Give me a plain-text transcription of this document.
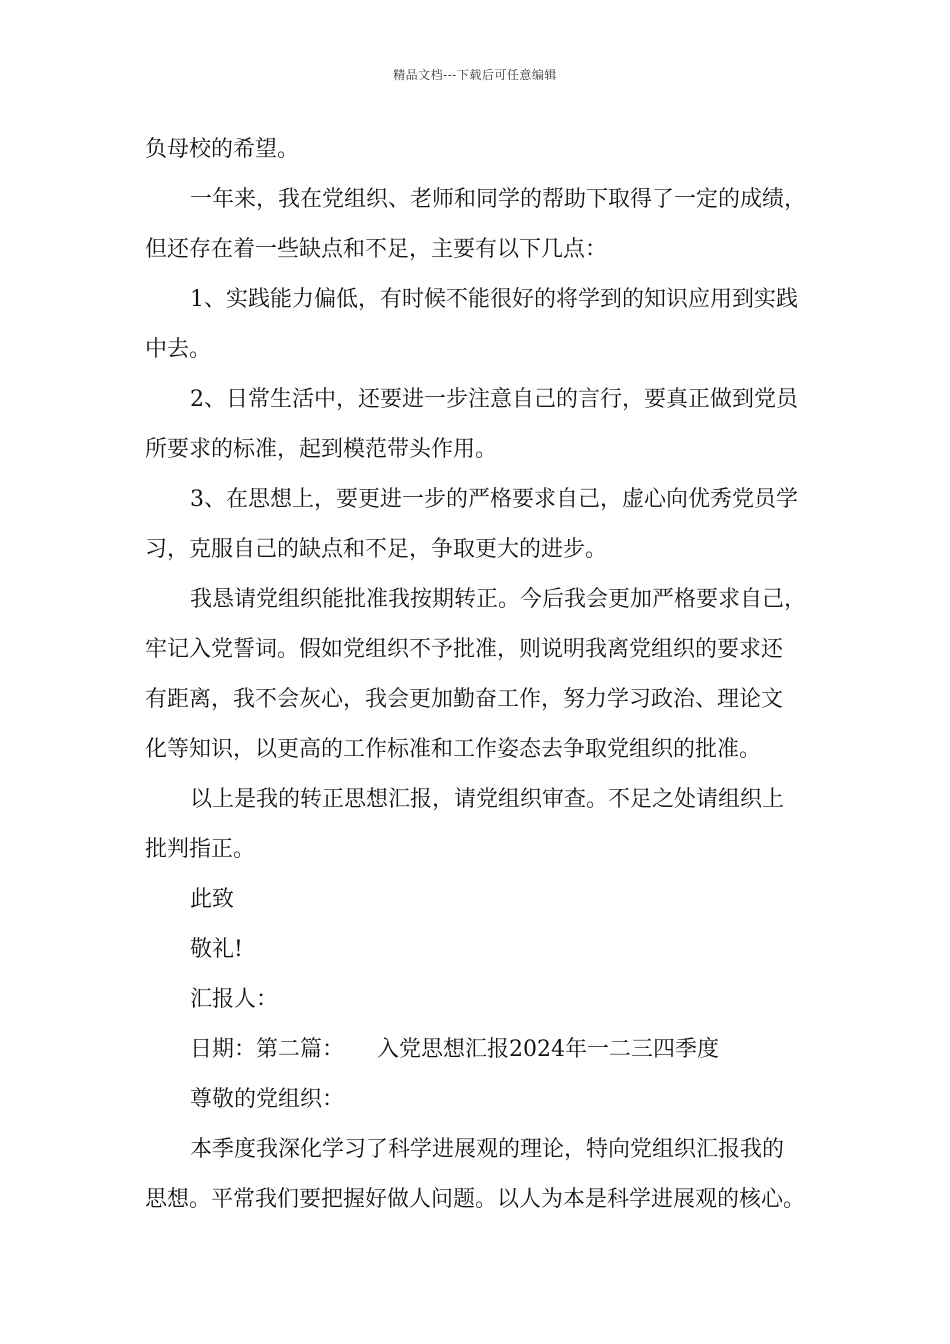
精品文档---下载后可任意编辑
负母校的希望。
一年来，我在党组织、老师和同学的帮助下取得了一定的成绩，
但还存在着一些缺点和不足，主要有以下几点：
1、实践能力偏低，有时候不能很好的将学到的知识应用到实践
中去。
2、日常生活中，还要进一步注意自己的言行，要真正做到党员
所要求的标准，起到模范带头作用。
3、在思想上，要更进一步的严格要求自己，虚心向优秀党员学
习，克服自己的缺点和不足，争取更大的进步。
我恳请党组织能批准我按期转正。今后我会更加严格要求自己，
牢记入党誓词。假如党组织不予批准，则说明我离党组织的要求还
有距离，我不会灰心，我会更加勤奋工作，努力学习政治、理论文
化等知识，以更高的工作标准和工作姿态去争取党组织的批准。
以上是我的转正思想汇报，请党组织审查。不足之处请组织上
批判指正。
此致
敬礼!
汇报人：
日期：第二篇：　　入党思想汇报2024年一二三四季度
尊敬的党组织：
本季度我深化学习了科学进展观的理论，特向党组织汇报我的
思想。平常我们要把握好做人问题。以人为本是科学进展观的核心。
